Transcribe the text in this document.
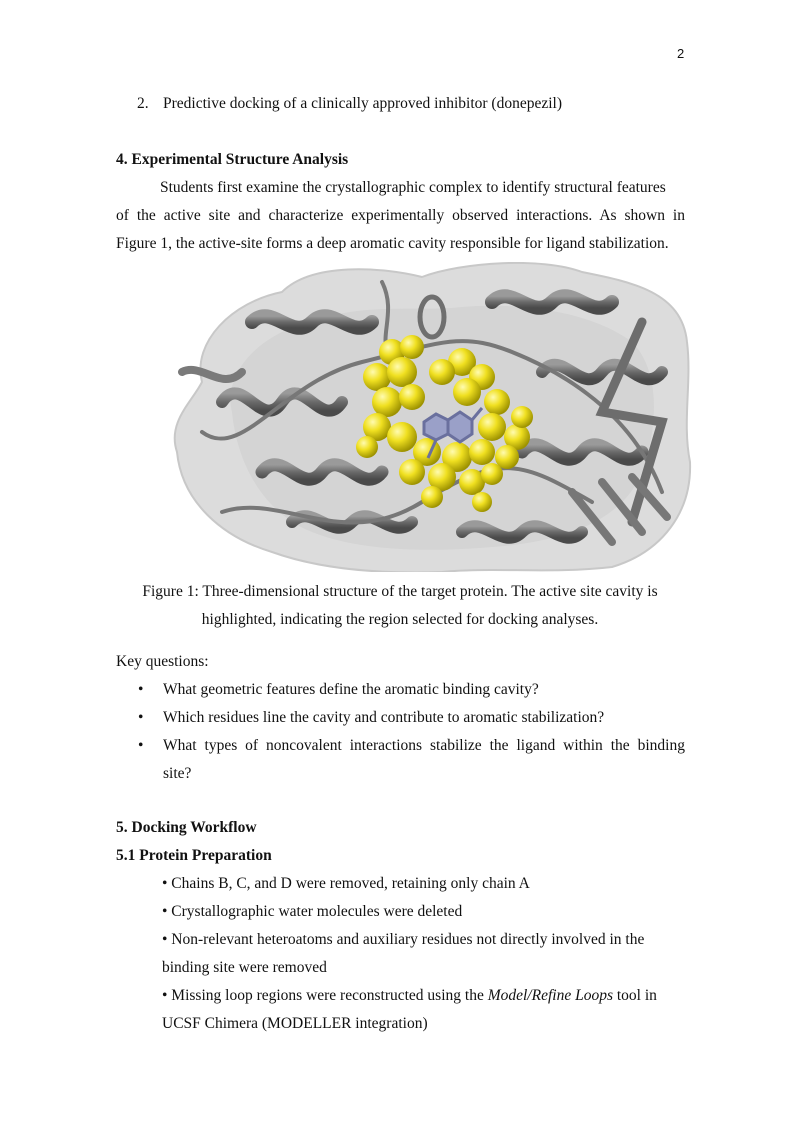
2
2. Predictive docking of a clinically approved inhibitor (donepezil)
4. Experimental Structure Analysis
Students first examine the crystallographic complex to identify structural features
of the active site and characterize experimentally observed interactions. As shown in
Figure 1, the active-site forms a deep aromatic cavity responsible for ligand stabilization.
Figure 1: Three-dimensional structure of the target protein. The active site cavity is
highlighted, indicating the region selected for docking analyses.
Key questions:
• What geometric features define the aromatic binding cavity?
• Which residues line the cavity and contribute to aromatic stabilization?
• What types of noncovalent interactions stabilize the ligand within the binding
site?
5. Docking Workflow
5.1 Protein Preparation
• Chains B, C, and D were removed, retaining only chain A
• Crystallographic water molecules were deleted
• Non-relevant heteroatoms and auxiliary residues not directly involved in the
binding site were removed
• Missing loop regions were reconstructed using the Model/Refine Loops tool in
UCSF Chimera (MODELLER integration)
